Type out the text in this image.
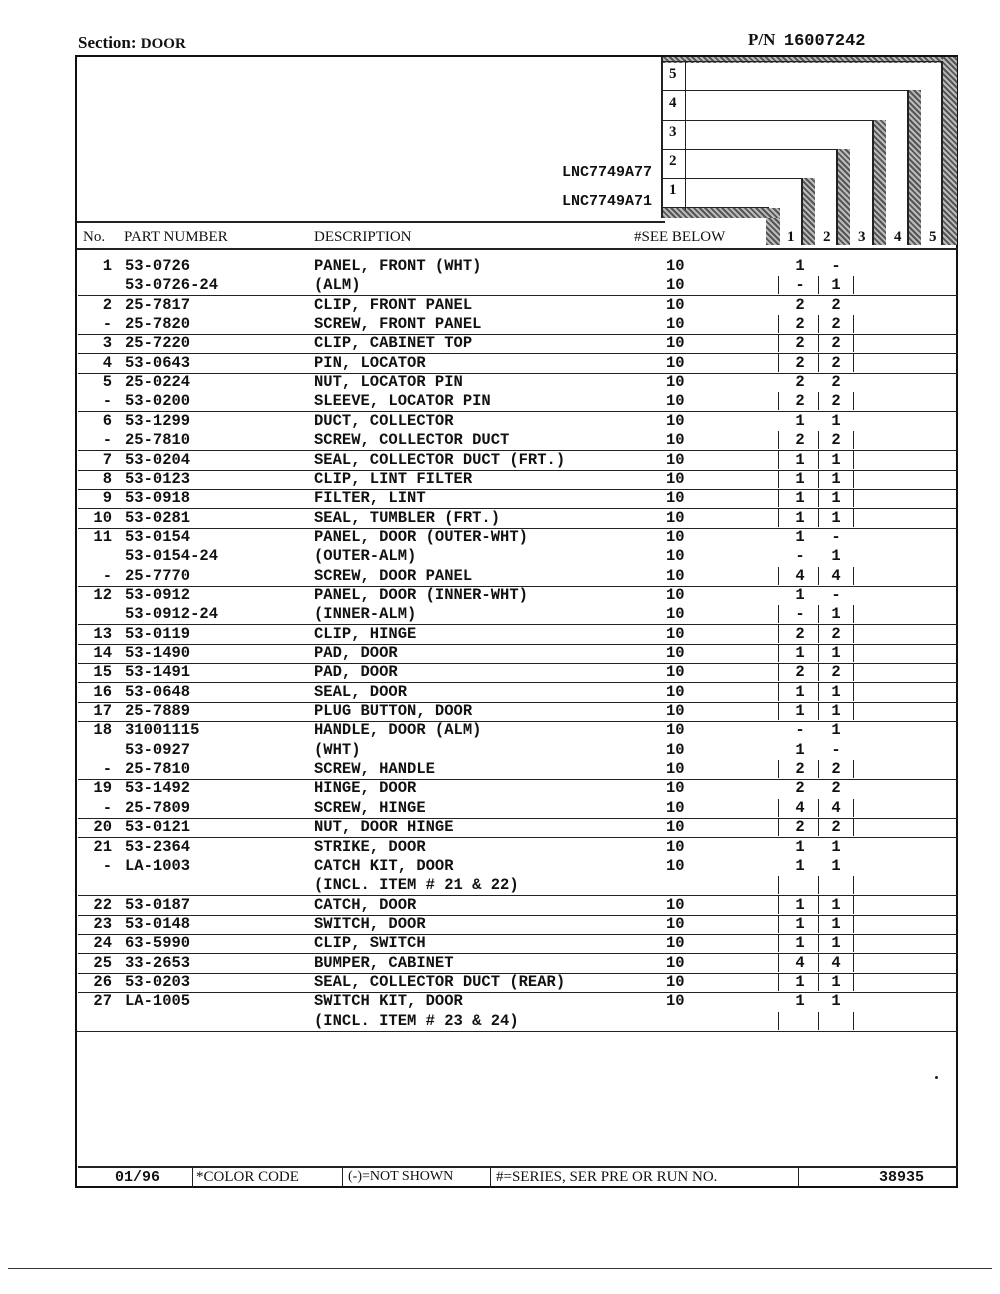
Section: DOOR	P/N 16007242
5
4
3
2
1
LNC7749A77
LNC7749A71
No. PART NUMBER	DESCRIPTION	#SEE BELOW	1 2 3 4 5
1 53-0726	PANEL, FRONT (WHT)	10	1	-
53-0726-24	(ALM)	10	-	1
2 25-7817	CLIP, FRONT PANEL	10	2	2
- 25-7820	SCREW, FRONT PANEL	10	2	2
3 25-7220	CLIP, CABINET TOP	10	2	2
4 53-0643	PIN, LOCATOR	10	2	2
5 25-0224	NUT, LOCATOR PIN	10	2	2
- 53-0200	SLEEVE, LOCATOR PIN	10	2	2
6 53-1299	DUCT, COLLECTOR	10	1	1
- 25-7810	SCREW, COLLECTOR DUCT	10	2	2
7 53-0204	SEAL, COLLECTOR DUCT (FRT.)	10	1	1
8 53-0123	CLIP, LINT FILTER	10	1	1
9 53-0918	FILTER, LINT	10	1	1
10 53-0281	SEAL, TUMBLER (FRT.)	10	1	1
11 53-0154	PANEL, DOOR (OUTER-WHT)	10	1	-
53-0154-24	(OUTER-ALM)	10	-	1
- 25-7770	SCREW, DOOR PANEL	10	4	4
12 53-0912	PANEL, DOOR (INNER-WHT)	10	1	-
53-0912-24	(INNER-ALM)	10	-	1
13 53-0119	CLIP, HINGE	10	2	2
14 53-1490	PAD, DOOR	10	1	1
15 53-1491	PAD, DOOR	10	2	2
16 53-0648	SEAL, DOOR	10	1	1
17 25-7889	PLUG BUTTON, DOOR	10	1	1
18 31001115	HANDLE, DOOR (ALM)	10	-	1
53-0927	(WHT)	10	1	-
- 25-7810	SCREW, HANDLE	10	2	2
19 53-1492	HINGE, DOOR	10	2	2
- 25-7809	SCREW, HINGE	10	4	4
20 53-0121	NUT, DOOR HINGE	10	2	2
21 53-2364	STRIKE, DOOR	10	1	1
- LA-1003	CATCH KIT, DOOR	10	1	1
(INCL. ITEM # 21 & 22)
22 53-0187	CATCH, DOOR	10	1	1
23 53-0148	SWITCH, DOOR	10	1	1
24 63-5990	CLIP, SWITCH	10	1	1
25 33-2653	BUMPER, CABINET	10	4	4
26 53-0203	SEAL, COLLECTOR DUCT (REAR)	10	1	1
27 LA-1005	SWITCH KIT, DOOR	10	1	1
(INCL. ITEM # 23 & 24)
01/96 *COLOR CODE	(-)=NOT SHOWN	#=SERIES, SER PRE OR RUN NO.	38935
